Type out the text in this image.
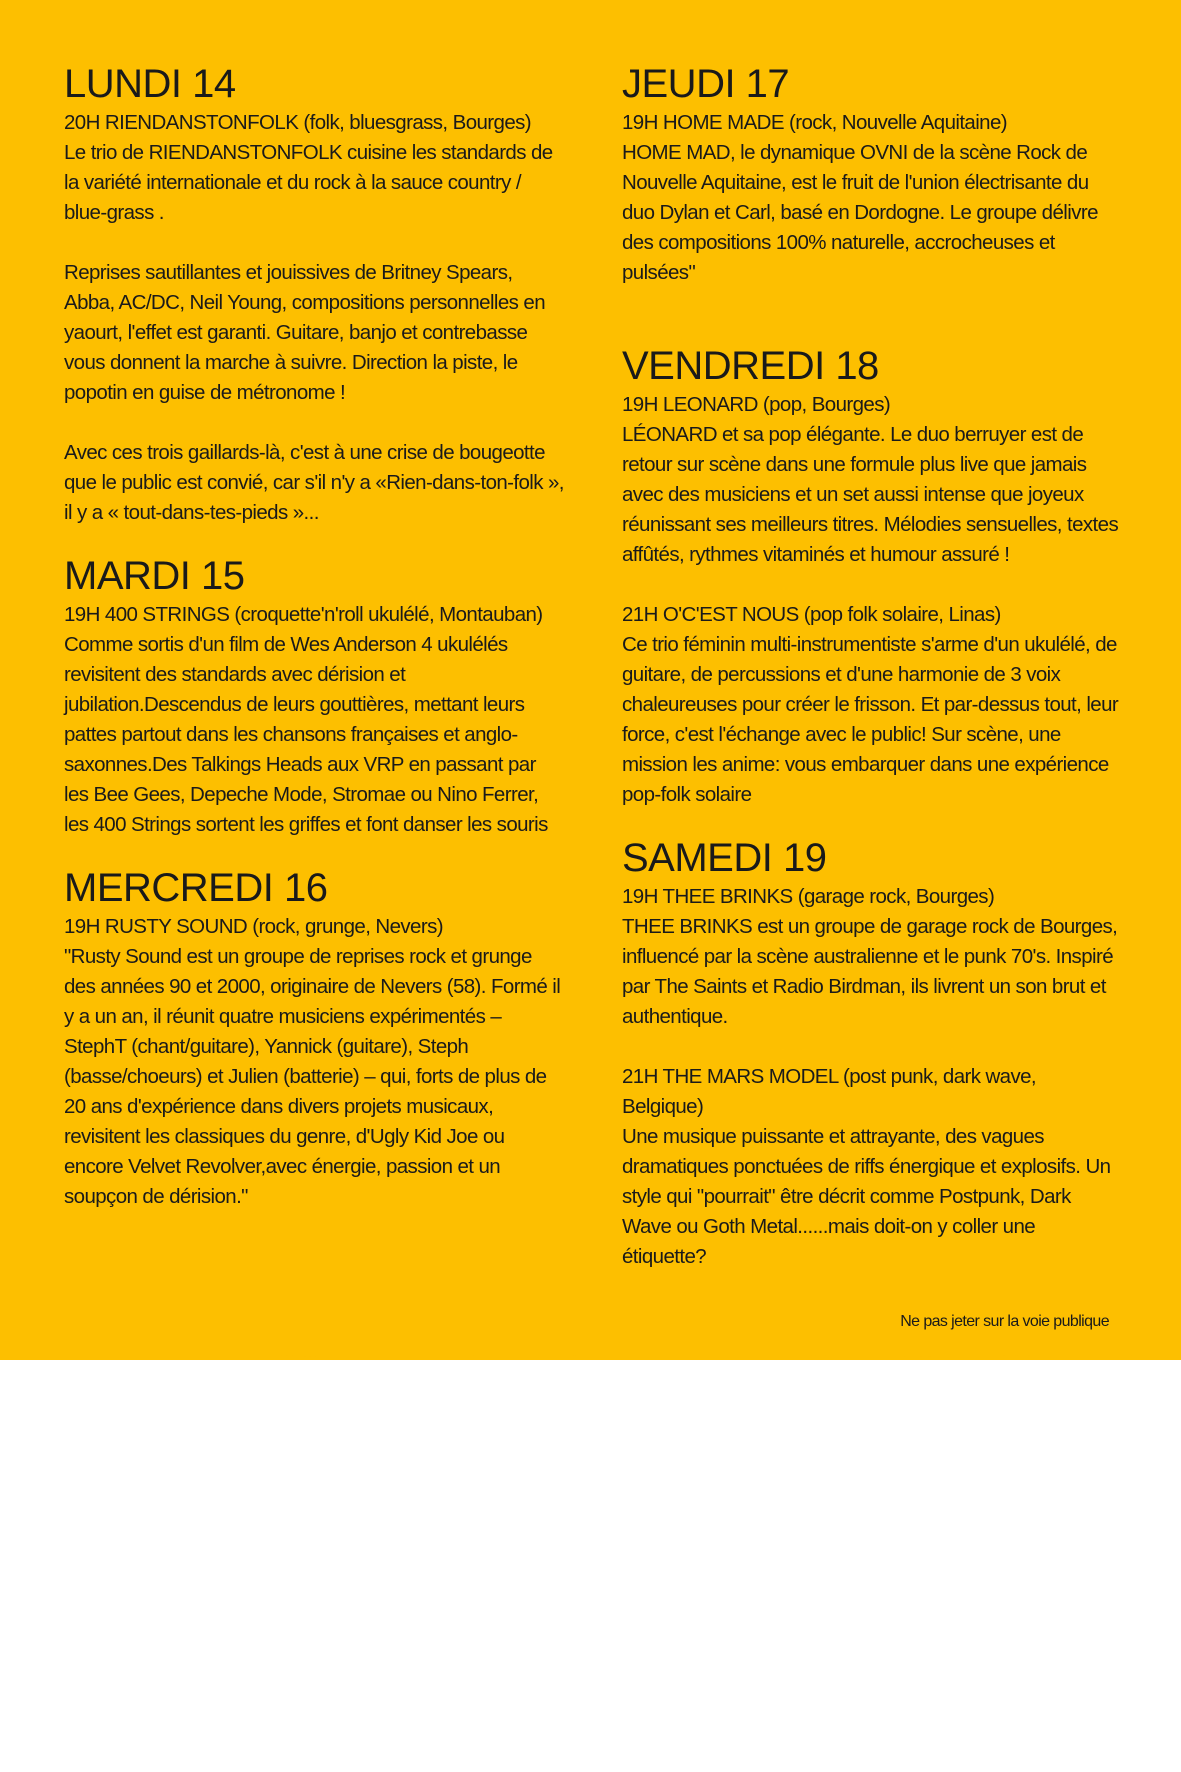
LUNDI 14

20H RIENDANSTONFOLK (folk, bluesgrass, Bourges)

Le trio de RIENDANSTONFOLK cuisine les standards de la variété internationale et du rock à la sauce country / blue-grass .

Reprises sautillantes et jouissives de Britney Spears, Abba, AC/DC, Neil Young, compositions personnelles en yaourt, l'effet est garanti. Guitare, banjo et contrebasse vous donnent la marche à suivre. Direction la piste, le popotin en guise de métronome !

Avec ces trois gaillards-là, c'est à une crise de bougeotte que le public est convié, car s'il n'y a «Rien-dans-ton-folk », il y a « tout-dans-tes-pieds »...

MARDI 15

19H 400 STRINGS (croquette'n'roll ukulélé, Montauban)

Comme sortis d'un film de Wes Anderson 4 ukulélés revisitent des standards avec dérision et jubilation.Descendus de leurs gouttières, mettant leurs pattes partout dans les chansons françaises et anglo-saxonnes.Des Talkings Heads aux VRP en passant par les Bee Gees, Depeche Mode, Stromae ou Nino Ferrer, les 400 Strings sortent les griffes et font danser les souris

MERCREDI 16

19H RUSTY SOUND (rock, grunge, Nevers)

"Rusty Sound est un groupe de reprises rock et grunge des années 90 et 2000, originaire de Nevers (58). Formé il y a un an, il réunit quatre musiciens expérimentés – StephT (chant/guitare), Yannick (guitare), Steph (basse/choeurs) et Julien (batterie) – qui, forts de plus de 20 ans d'expérience dans divers projets musicaux, revisitent les classiques du genre, d'Ugly Kid Joe ou encore Velvet Revolver,avec énergie, passion et un soupçon de dérision."

JEUDI 17

19H HOME MADE (rock, Nouvelle Aquitaine)

HOME MAD, le dynamique OVNI de la scène Rock de Nouvelle Aquitaine, est le fruit de l'union électrisante du duo Dylan et Carl, basé en Dordogne. Le groupe délivre des compositions 100% naturelle, accrocheuses et pulsées"

VENDREDI 18

19H LEONARD (pop, Bourges)

LÉONARD et sa pop élégante. Le duo berruyer est de retour sur scène dans une formule plus live que jamais avec des musiciens et un set aussi intense que joyeux réunissant ses meilleurs titres. Mélodies sensuelles, textes affûtés, rythmes vitaminés et humour assuré !

21H O'C'EST NOUS (pop folk solaire, Linas)

Ce trio féminin multi-instrumentiste s'arme d'un ukulélé, de guitare, de percussions et d'une harmonie de 3 voix chaleureuses pour créer le frisson. Et par-dessus tout, leur force, c'est l'échange avec le public! Sur scène, une mission les anime: vous embarquer dans une expérience pop-folk solaire

SAMEDI 19

19H THEE BRINKS (garage rock, Bourges)

THEE BRINKS est un groupe de garage rock de Bourges, influencé par la scène australienne et le punk 70's. Inspiré par The Saints et Radio Birdman, ils livrent un son brut et authentique.

21H THE MARS MODEL (post punk, dark wave, Belgique)

Une musique puissante et attrayante, des vagues dramatiques ponctuées de riffs énergique et explosifs. Un style qui "pourrait" être décrit comme Postpunk, Dark Wave ou Goth Metal......mais doit-on y coller une étiquette?

Ne pas jeter sur la voie publique
